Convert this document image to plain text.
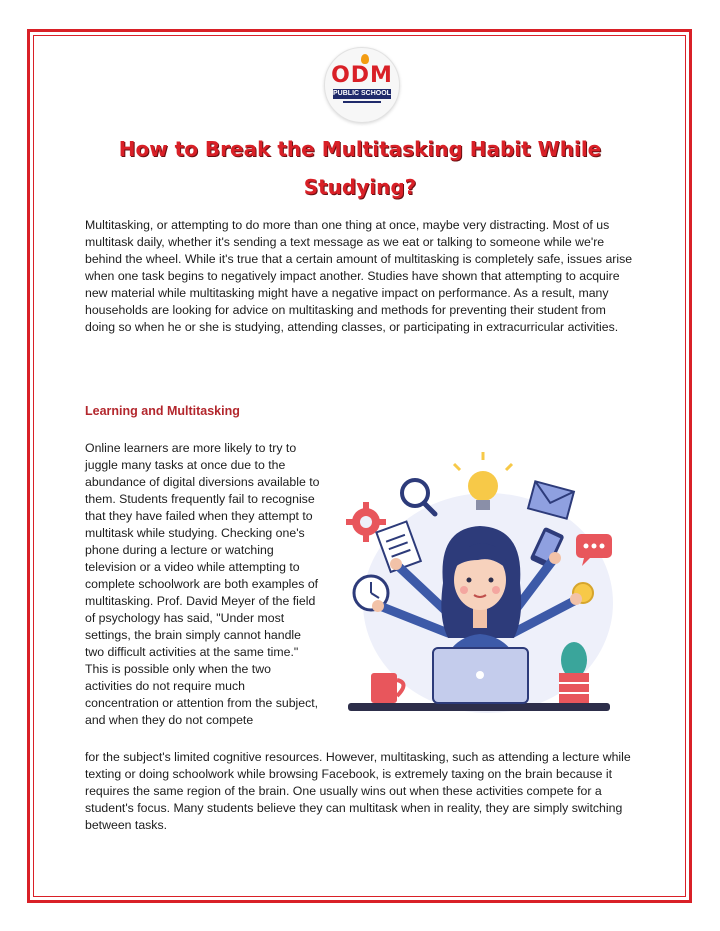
ODM
PUBLIC SCHOOL
How to Break the Multitasking Habit While Studying?

Multitasking, or attempting to do more than one thing at once, maybe very distracting. Most of us multitask daily, whether it's sending a text message as we eat or talking to someone while we're behind the wheel. While it's true that a certain amount of multitasking is completely safe, issues arise when one task begins to negatively impact another. Studies have shown that attempting to acquire new material while multitasking might have a negative impact on performance. As a result, many households are looking for advice on multitasking and methods for preventing their student from doing so when he or she is studying, attending classes, or participating in extracurricular activities.

Learning and Multitasking

Online learners are more likely to try to juggle many tasks at once due to the abundance of digital diversions available to them. Students frequently fail to recognise that they have failed when they attempt to multitask while studying. Checking one's phone during a lecture or watching television or a video while attempting to complete schoolwork are both examples of multitasking. Prof. David Meyer of the field of psychology has said, "Under most settings, the brain simply cannot handle two difficult activities at the same time." This is possible only when the two activities do not require much concentration or attention from the subject, and when they do not compete

for the subject's limited cognitive resources. However, multitasking, such as attending a lecture while texting or doing schoolwork while browsing Facebook, is extremely taxing on the brain because it requires the same region of the brain. One usually wins out when these activities compete for a student's focus. Many students believe they can multitask when in reality, they are simply switching between tasks.
